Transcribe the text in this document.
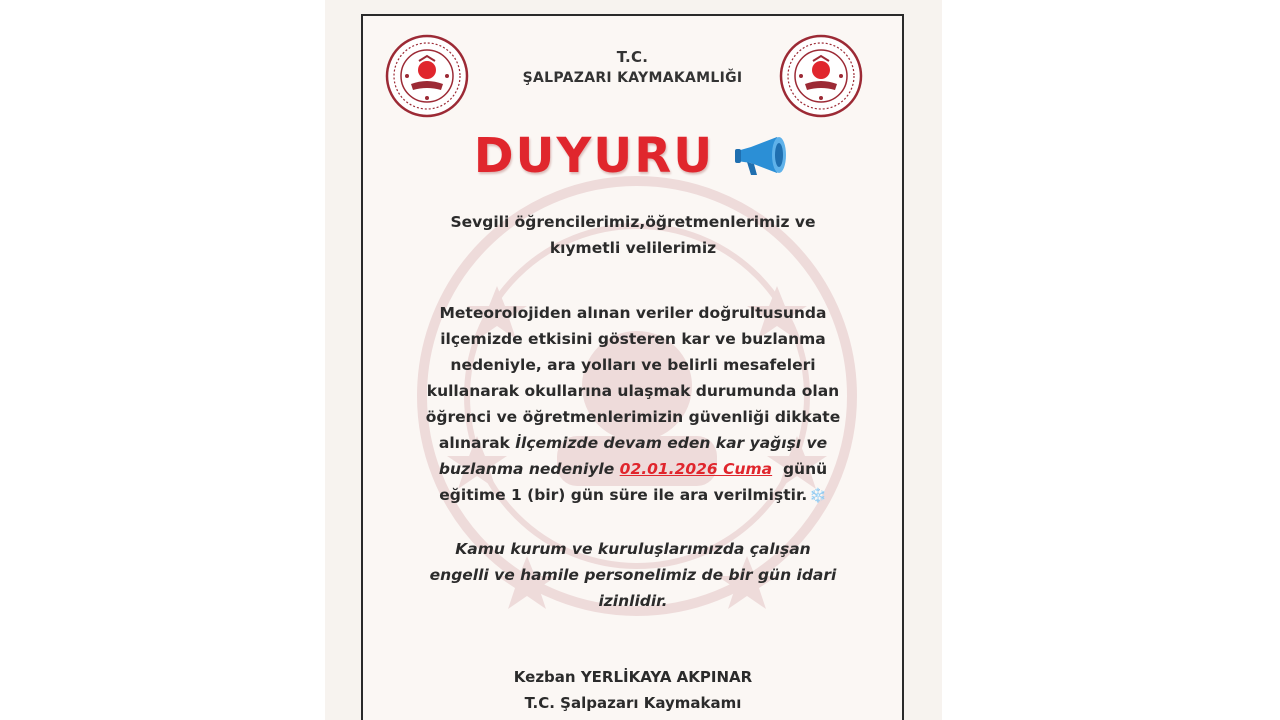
T.C.
ŞALPAZARI KAYMAKAMLIĞI
DUYURU
Sevgili öğrencilerimiz,öğretmenlerimiz ve
kıymetli velilerimiz
Meteorolojiden alınan veriler doğrultusunda
ilçemizde etkisini gösteren kar ve buzlanma
nedeniyle, ara yolları ve belirli mesafeleri
kullanarak okullarına ulaşmak durumunda olan
öğrenci ve öğretmenlerimizin güvenliği dikkate
alınarak İlçemizde devam eden kar yağışı ve
buzlanma nedeniyle 02.01.2026 Cuma günü
eğitime 1 (bir) gün süre ile ara verilmiştir. ❄️
Kamu kurum ve kuruluşlarımızda çalışan
engelli ve hamile personelimiz de bir gün idari
izinlidir.
Kezban YERLİKAYA AKPINAR
T.C. Şalpazarı Kaymakamı
